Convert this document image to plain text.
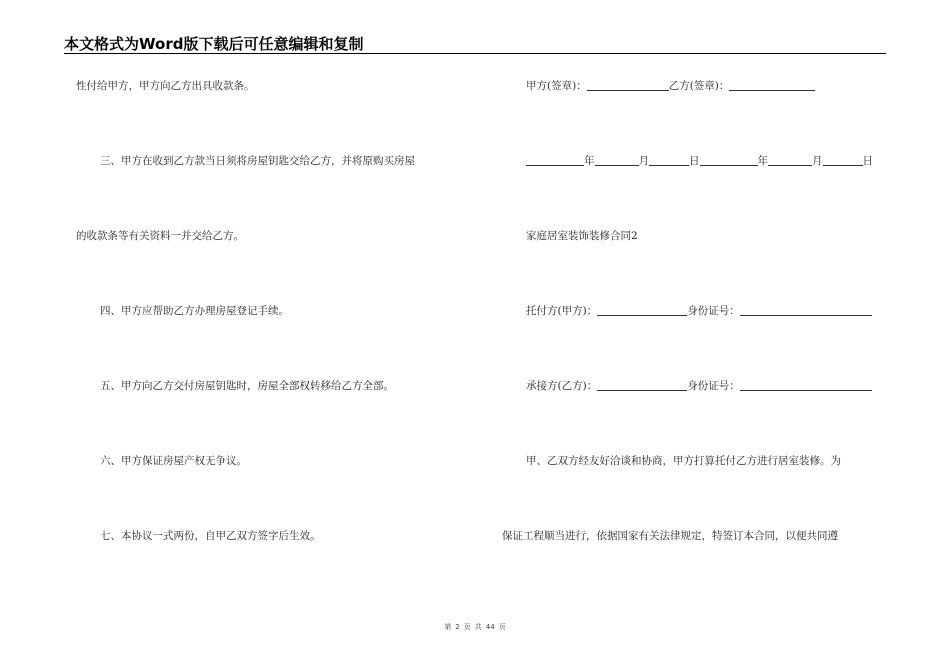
本文格式为Word版下载后可任意编辑和复制
性付给甲方，甲方向乙方出具收款条。
三、甲方在收到乙方款当日须将房屋钥匙交给乙方，并将原购买房屋
的收款条等有关资料一并交给乙方。
四、甲方应帮助乙方办理房屋登记手续。
五、甲方向乙方交付房屋钥匙时，房屋全部权转移给乙方全部。
六、甲方保证房屋产权无争议。
七、本协议一式两份，自甲乙双方签字后生效。
甲方(签章)：	乙方(签章)：
年	月	日	年	月	日
家庭居室装饰装修合同2
托付方(甲方)：	身份证号：
承接方(乙方)：	身份证号：
甲、乙双方经友好洽谈和协商，甲方打算托付乙方进行居室装修。为
保证工程顺当进行，依据国家有关法律规定，特签订本合同，以便共同遵
第 2 页 共 44 页
